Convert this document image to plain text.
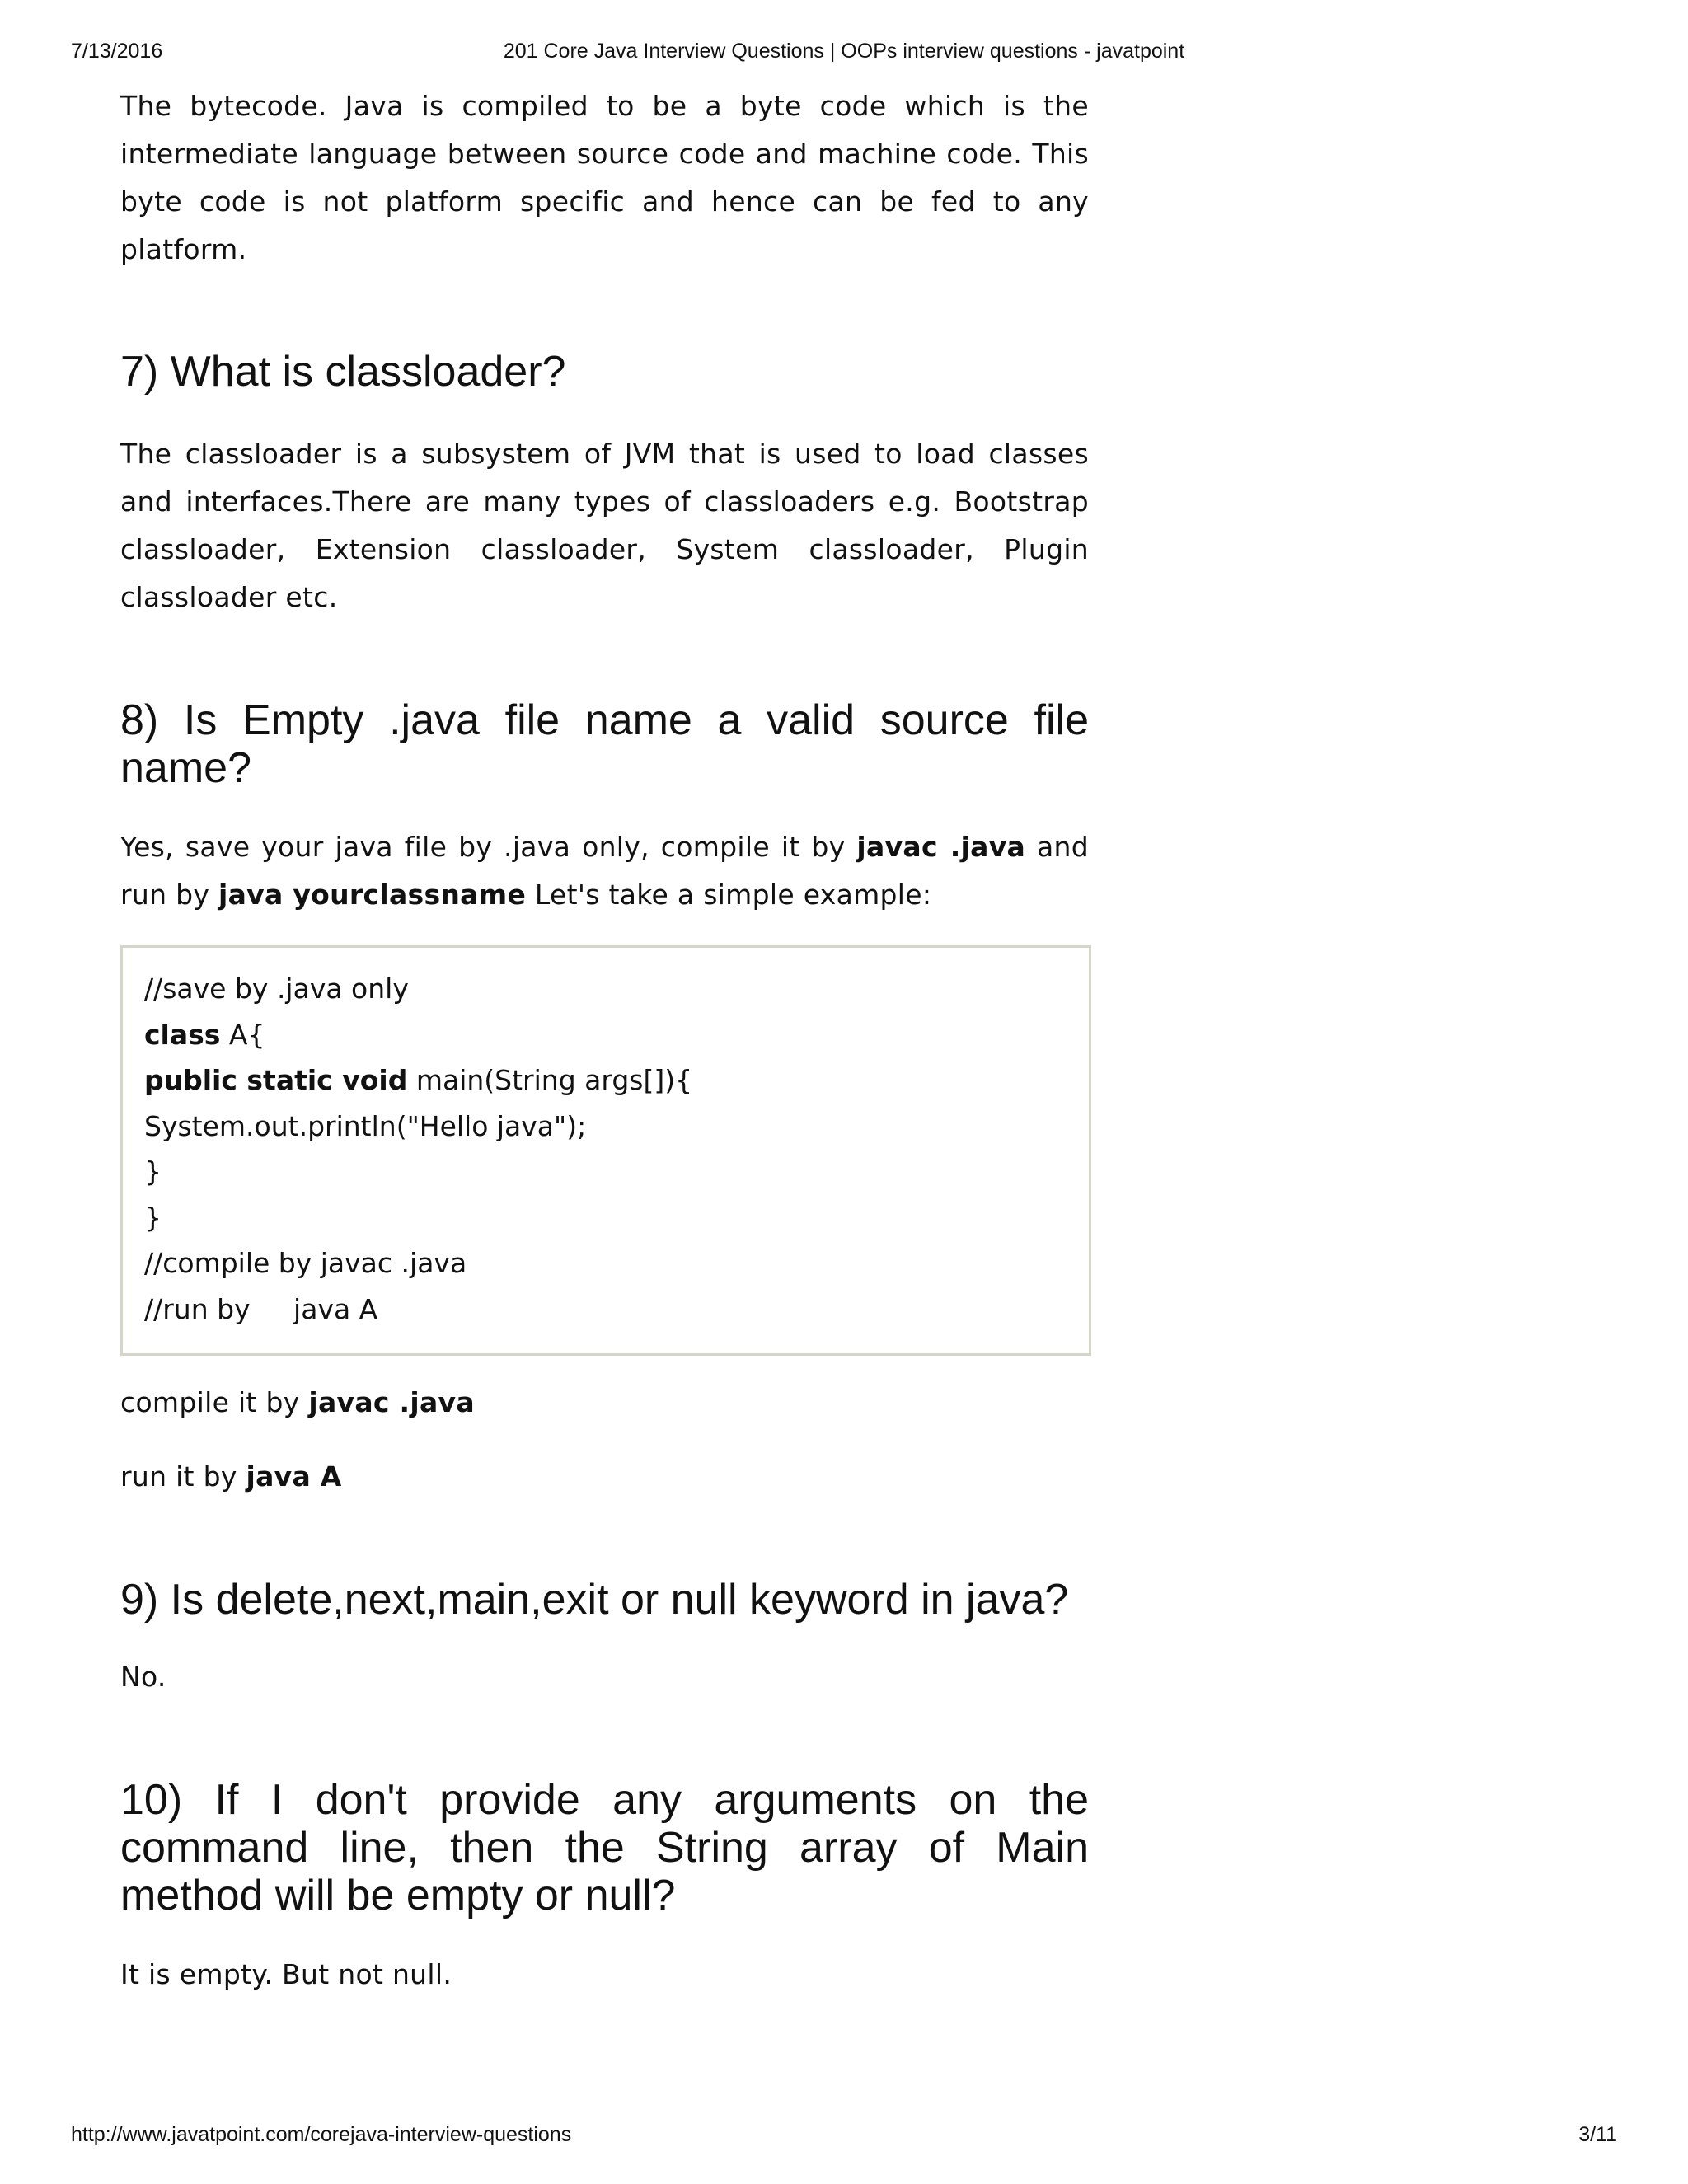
7/13/2016	201 Core Java Interview Questions | OOPs interview questions - javatpoint

The bytecode. Java is compiled to be a byte code which is the intermediate language between source code and machine code. This byte code is not platform specific and hence can be fed to any platform.

7) What is classloader?

The classloader is a subsystem of JVM that is used to load classes and interfaces.There are many types of classloaders e.g. Bootstrap classloader, Extension classloader, System classloader, Plugin classloader etc.

8) Is Empty .java file name a valid source file name?

Yes, save your java file by .java only, compile it by javac .java and run by java yourclassname Let's take a simple example:

//save by .java only
class A{
public static void main(String args[]){
System.out.println("Hello java");
}
}
//compile by javac .java
//run by     java A

compile it by javac .java

run it by java A

9) Is delete,next,main,exit or null keyword in java?

No.

10) If I don't provide any arguments on the command line, then the String array of Main method will be empty or null?

It is empty. But not null.

http://www.javatpoint.com/corejava-interview-questions	3/11
